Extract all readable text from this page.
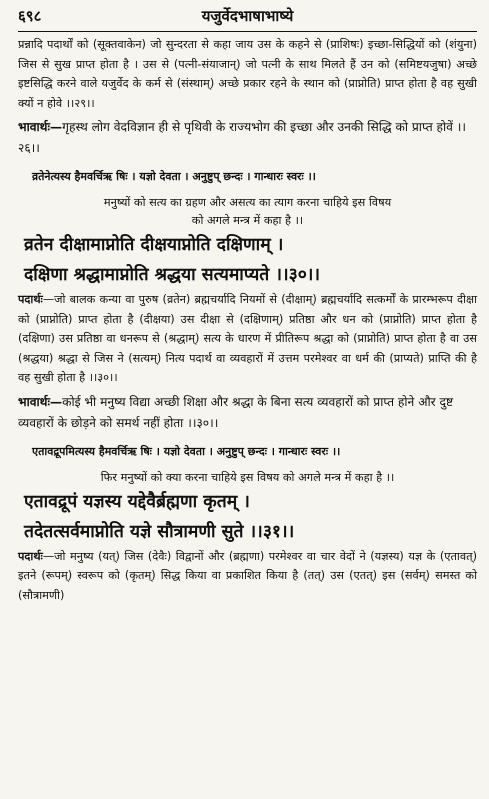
६९८	यजुर्वेदभाषाभाष्ये
प्रन्नादि पदार्थों को (सूक्तवाकेन) जो सुन्दरता से कहा जाय उस के कहने से (प्राशिषः) इच्छा-सिद्धियों को (शंयुना) जिस से सुख प्राप्त होता है । उस से (पत्नी-संयाजान्) जो पत्नी के साथ मिलते हैं उन को (समिष्टयजुषा) अच्छे इष्टसिद्धि करने वाले यजुर्वेद के कर्म से (संस्थाम्) अच्छे प्रकार रहने के स्थान को (प्राप्नोति) प्राप्त होता है वह सुखी क्यों न होवे ।।२९।।
भावार्थः—गृहस्थ लोग वेदविज्ञान ही से पृथिवी के राज्यभोग की इच्छा और उनकी सिद्धि को प्राप्त होवें ।।२६।।
व्रतेनेत्यस्य हैमवर्चिऋ षिः । यज्ञो देवता । अनुष्टुप् छन्दः । गान्धारः स्वरः ।।
मनुष्यों को सत्य का ग्रहण और असत्य का त्याग करना चाहिये इस विषय
को अगले मन्त्र में कहा है ।।
व्रतेन दीक्षामाप्नोति दीक्षयाप्नोति दक्षिणाम् ।
दक्षिणा श्रद्धामाप्नोति श्रद्धया सत्यमाप्यते ।।३०।।
पदार्थः—जो बालक कन्या वा पुरुष (व्रतेन) ब्रह्मचर्यादि नियमों से (दीक्षाम्) ब्रह्मचर्यादि सत्कर्मों के प्रारम्भरूप दीक्षा को (प्राप्नोति) प्राप्त होता है (दीक्षया) उस दीक्षा से (दक्षिणाम्) प्रतिष्ठा और धन को (प्राप्नोति) प्राप्त होता है (दक्षिणा) उस प्रतिष्ठा वा धनरूप से (श्रद्धाम्) सत्य के धारण में प्रीतिरूप श्रद्धा को (प्राप्नोति) प्राप्त होता है वा उस (श्रद्धया) श्रद्धा से जिस ने (सत्यम्) नित्य पदार्थ वा व्यवहारों में उत्तम परमेश्वर वा धर्म की (प्राप्यते) प्राप्ति की है वह सुखी होता है ।।३०।।
भावार्थः—कोई भी मनुष्य विद्या अच्छी शिक्षा और श्रद्धा के बिना सत्य व्यवहारों को प्राप्त होने और दुष्ट व्यवहारों के छोड़ने को समर्थ नहीं होता ।।३०।।
एतावद्रूपमित्यस्य हैमवर्चिऋ षिः । यज्ञो देवता । अनुष्टुप् छन्दः । गान्धारः स्वरः ।।
फिर मनुष्यों को क्या करना चाहिये इस विषय को अगले मन्त्र में कहा है ।।
एतावद्रूपं यज्ञस्य यद्देवैर्ब्रह्मणा कृतम् ।
तदेतत्सर्वमाप्नोति यज्ञे सौत्रामणी सुते ।।३१।।
पदार्थः—जो मनुष्य (यत्) जिस (देवैः) विद्वानों और (ब्रह्मणा) परमेश्वर वा चार वेदों ने (यज्ञस्य) यज्ञ के (एतावत्) इतने (रूपम्) स्वरूप को (कृतम्) सिद्ध किया वा प्रकाशित किया है (तत्) उस (एतत्) इस (सर्वम्) समस्त को (सौत्रामणी)
